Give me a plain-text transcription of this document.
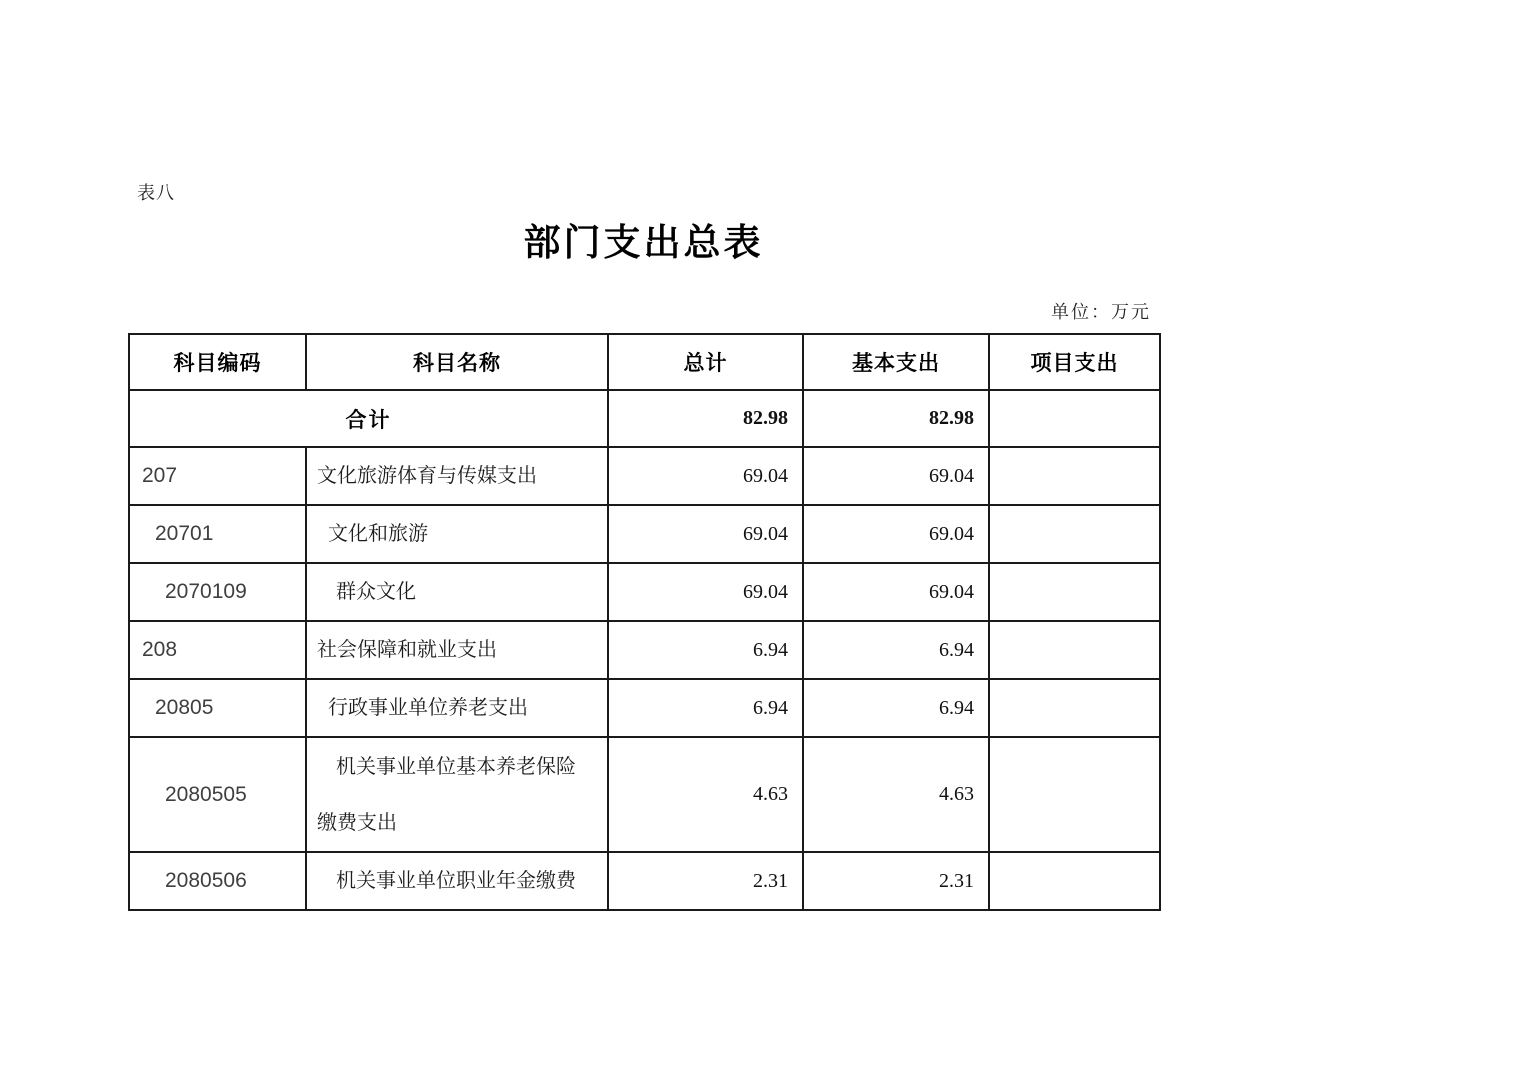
表八
部门支出总表
单位：万元
科目编码	科目名称	总计	基本支出	项目支出
合计		82.98	82.98	
207	文化旅游体育与传媒支出	69.04	69.04	
20701	文化和旅游	69.04	69.04	
2070109	群众文化	69.04	69.04	
208	社会保障和就业支出	6.94	6.94	
20805	行政事业单位养老支出	6.94	6.94	
2080505	机关事业单位基本养老保险
缴费支出	4.63	4.63	
2080506	机关事业单位职业年金缴费	2.31	2.31	
